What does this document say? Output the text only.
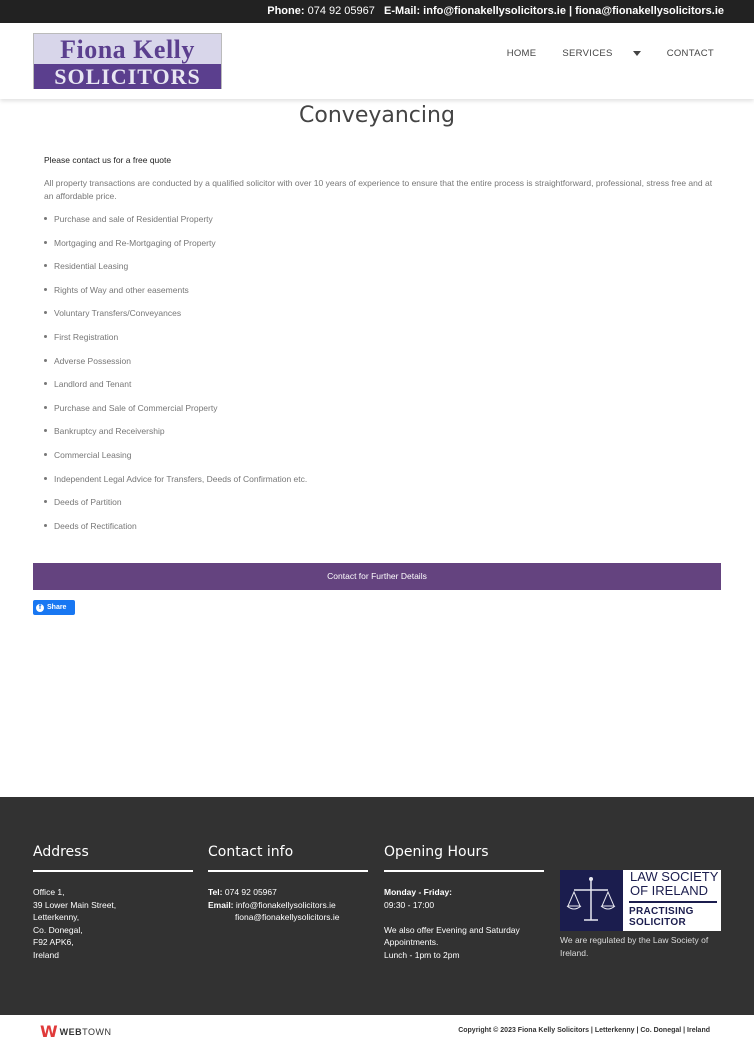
Phone: 074 92 05967 E-Mail: info@fionakellysolicitors.ie | fiona@fionakellysolicitors.ie
Fiona Kelly
SOLICITORS
HOME	SERVICES	CONTACT
Conveyancing

Please contact us for a free quote

All property transactions are conducted by a qualified solicitor with over 10 years of experience to ensure that the entire process is straightforward, professional, stress free and at an affordable price.

Purchase and sale of Residential Property
Mortgaging and Re-Mortgaging of Property
Residential Leasing
Rights of Way and other easements
Voluntary Transfers/Conveyances
First Registration
Adverse Possession
Landlord and Tenant
Purchase and Sale of Commercial Property
Bankruptcy and Receivership
Commercial Leasing
Independent Legal Advice for Transfers, Deeds of Confirmation etc.
Deeds of Partition
Deeds of Rectification
Contact for Further Details
f Share
Address

Office 1,
39 Lower Main Street,
Letterkenny,
Co. Donegal,
F92 APK6,
Ireland

Contact info

Tel: 074 92 05967
Email: info@fionakellysolicitors.ie
fiona@fionakellysolicitors.ie

Opening Hours

Monday - Friday:
09:30 - 17:00

We also offer Evening and Saturday
Appointments.
Lunch - 1pm to 2pm

LAW SOCIETY
OF IRELAND
PRACTISING
SOLICITOR

We are regulated by the Law Society of Ireland.

W WEBTOWN	Copyright © 2023 Fiona Kelly Solicitors | Letterkenny | Co. Donegal | Ireland
